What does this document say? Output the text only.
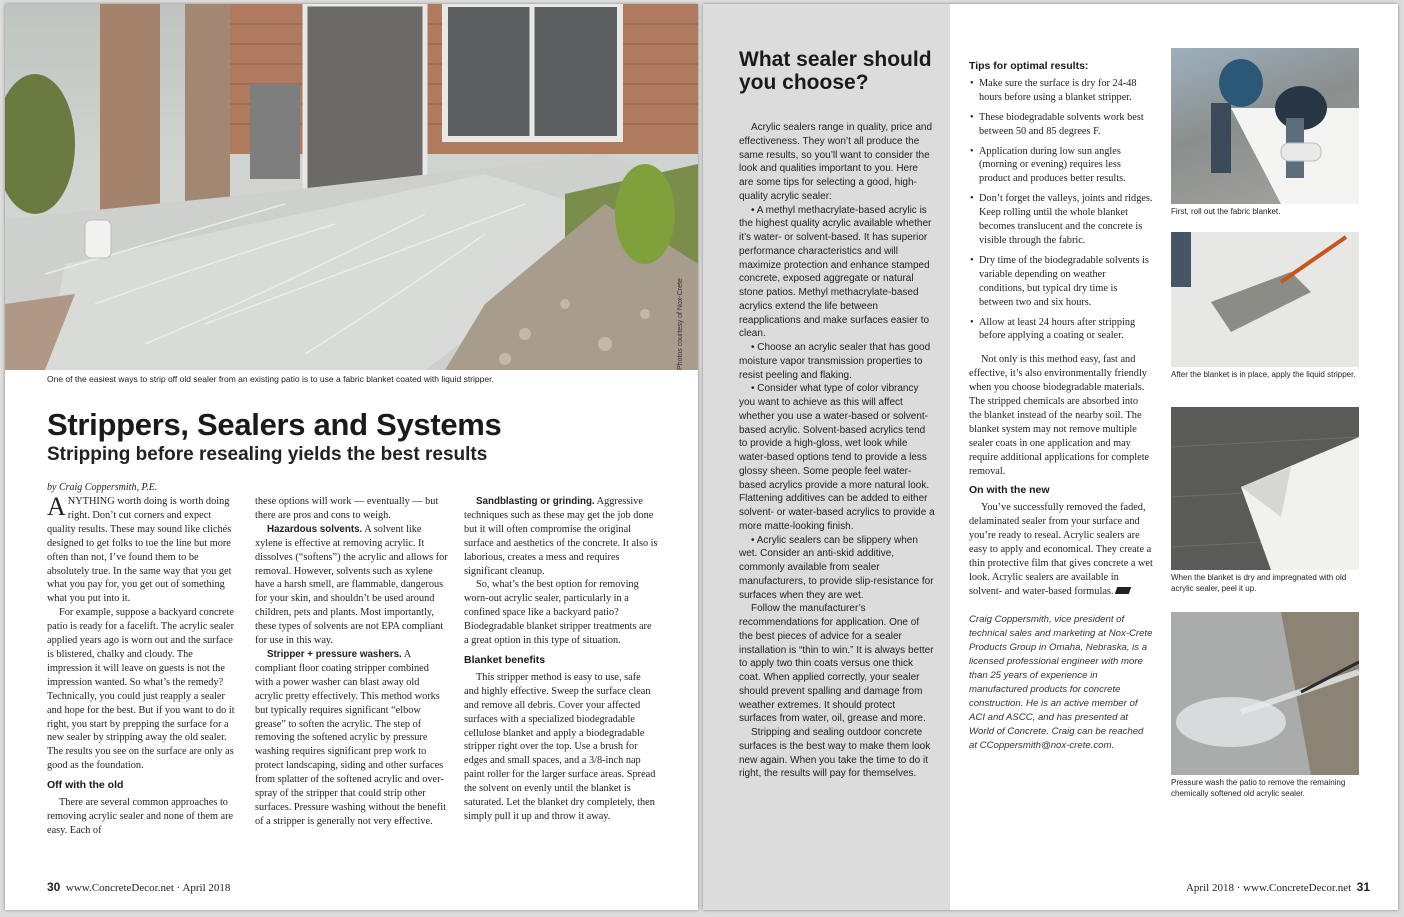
One of the easiest ways to strip off old sealer from an existing patio is to use a fabric blanket coated with liquid stripper.
Photos courtesy of Nox-Crete
Strippers, Sealers and Systems
Stripping before resealing yields the best results
by Craig Coppersmith, P.E.

ANYTHING worth doing is worth doing right. Don’t cut corners and expect quality results. These may sound like clichés designed to get folks to toe the line but more often than not, I’ve found them to be absolutely true. In the same way that you get what you pay for, you get out of something what you put into it.

For example, suppose a backyard concrete patio is ready for a facelift. The acrylic sealer applied years ago is worn out and the surface is blistered, chalky and cloudy. The impression it will leave on guests is not the impression wanted. So what’s the remedy? Technically, you could just reapply a sealer and hope for the best. But if you want to do it right, you start by prepping the surface for a new sealer by stripping away the old sealer. The results you see on the surface are only as good as the foundation.

Off with the old

There are several common approaches to removing acrylic sealer and none of them are easy. Each of

these options will work — eventually — but there are pros and cons to weigh.

Hazardous solvents. A solvent like xylene is effective at removing acrylic. It dissolves (“softens”) the acrylic and allows for removal. However, solvents such as xylene have a harsh smell, are flammable, dangerous for your skin, and shouldn’t be used around children, pets and plants. Most importantly, these types of solvents are not EPA compliant for use in this way.

Stripper + pressure washers. A compliant floor coating stripper combined with a power washer can blast away old acrylic pretty effectively. This method works but typically requires significant “elbow grease” to soften the acrylic. The step of removing the softened acrylic by pressure washing requires significant prep work to protect landscaping, siding and other surfaces from splatter of the softened acrylic and over-spray of the stripper that could strip other surfaces. Pressure washing without the benefit of a stripper is generally not very effective.

Sandblasting or grinding. Aggressive techniques such as these may get the job done but it will often compromise the original surface and aesthetics of the concrete. It also is laborious, creates a mess and requires significant cleanup.

So, what’s the best option for removing worn-out acrylic sealer, particularly in a confined space like a backyard patio? Biodegradable blanket stripper treatments are a great option in this type of situation.

Blanket benefits

This stripper method is easy to use, safe and highly effective. Sweep the surface clean and remove all debris. Cover your affected surfaces with a specialized biodegradable cellulose blanket and apply a biodegradable stripper right over the top. Use a brush for edges and small spaces, and a 3/8-inch nap paint roller for the larger surface areas. Spread the solvent on evenly until the blanket is saturated. Let the blanket dry completely, then simply pull it up and throw it away.

30 www.ConcreteDecor.net · April 2018
What sealer should you choose?

Acrylic sealers range in quality, price and effectiveness. They won’t all produce the same results, so you’ll want to consider the look and qualities important to you. Here are some tips for selecting a good, high-quality acrylic sealer:

• A methyl methacrylate-based acrylic is the highest quality acrylic available whether it’s water- or solvent-based. It has superior performance characteristics and will maximize protection and enhance stamped concrete, exposed aggregate or natural stone patios. Methyl methacrylate-based acrylics extend the life between reapplications and make surfaces easier to clean.

• Choose an acrylic sealer that has good moisture vapor transmission properties to resist peeling and flaking.

• Consider what type of color vibrancy you want to achieve as this will affect whether you use a water-based or solvent-based acrylic. Solvent-based acrylics tend to provide a high-gloss, wet look while water-based options tend to provide a less glossy sheen. Some people feel water-based acrylics provide a more natural look. Flattening additives can be added to either solvent- or water-based acrylics to provide a more matte-looking finish.

• Acrylic sealers can be slippery when wet. Consider an anti-skid additive, commonly available from sealer manufacturers, to provide slip-resistance for surfaces when they are wet.

Follow the manufacturer’s recommendations for application. One of the best pieces of advice for a sealer installation is “thin to win.” It is always better to apply two thin coats versus one thick coat. When applied correctly, your sealer should prevent spalling and damage from weather extremes. It should protect surfaces from water, oil, grease and more.

Stripping and sealing outdoor concrete surfaces is the best way to make them look new again. When you take the time to do it right, the results will pay for themselves.

Tips for optimal results:
• Make sure the surface is dry for 24-48 hours before using a blanket stripper.
• These biodegradable solvents work best between 50 and 85 degrees F.
• Application during low sun angles (morning or evening) requires less product and produces better results.
• Don’t forget the valleys, joints and ridges. Keep rolling until the whole blanket becomes translucent and the concrete is visible through the fabric.
• Dry time of the biodegradable solvents is variable depending on weather conditions, but typical dry time is between two and six hours.
• Allow at least 24 hours after stripping before applying a coating or sealer.

Not only is this method easy, fast and effective, it’s also environmentally friendly when you choose biodegradable materials. The stripped chemicals are absorbed into the blanket instead of the nearby soil. The blanket system may not remove multiple sealer coats in one application and may require additional applications for complete removal.

On with the new

You’ve successfully removed the faded, delaminated sealer from your surface and you’re ready to reseal. Acrylic sealers are easy to apply and economical. They create a thin protective film that gives concrete a wet look. Acrylic sealers are available in solvent- and water-based formulas.

Craig Coppersmith, vice president of technical sales and marketing at Nox-Crete Products Group in Omaha, Nebraska, is a licensed professional engineer with more than 25 years of experience in manufactured products for concrete construction. He is an active member of ACI and ASCC, and has presented at World of Concrete. Craig can be reached at CCoppersmith@nox-crete.com.
First, roll out the fabric blanket.
After the blanket is in place, apply the liquid stripper.
When the blanket is dry and impregnated with old acrylic sealer, peel it up.
Pressure wash the patio to remove the remaining chemically softened old acrylic sealer.
April 2018 · www.ConcreteDecor.net 31
